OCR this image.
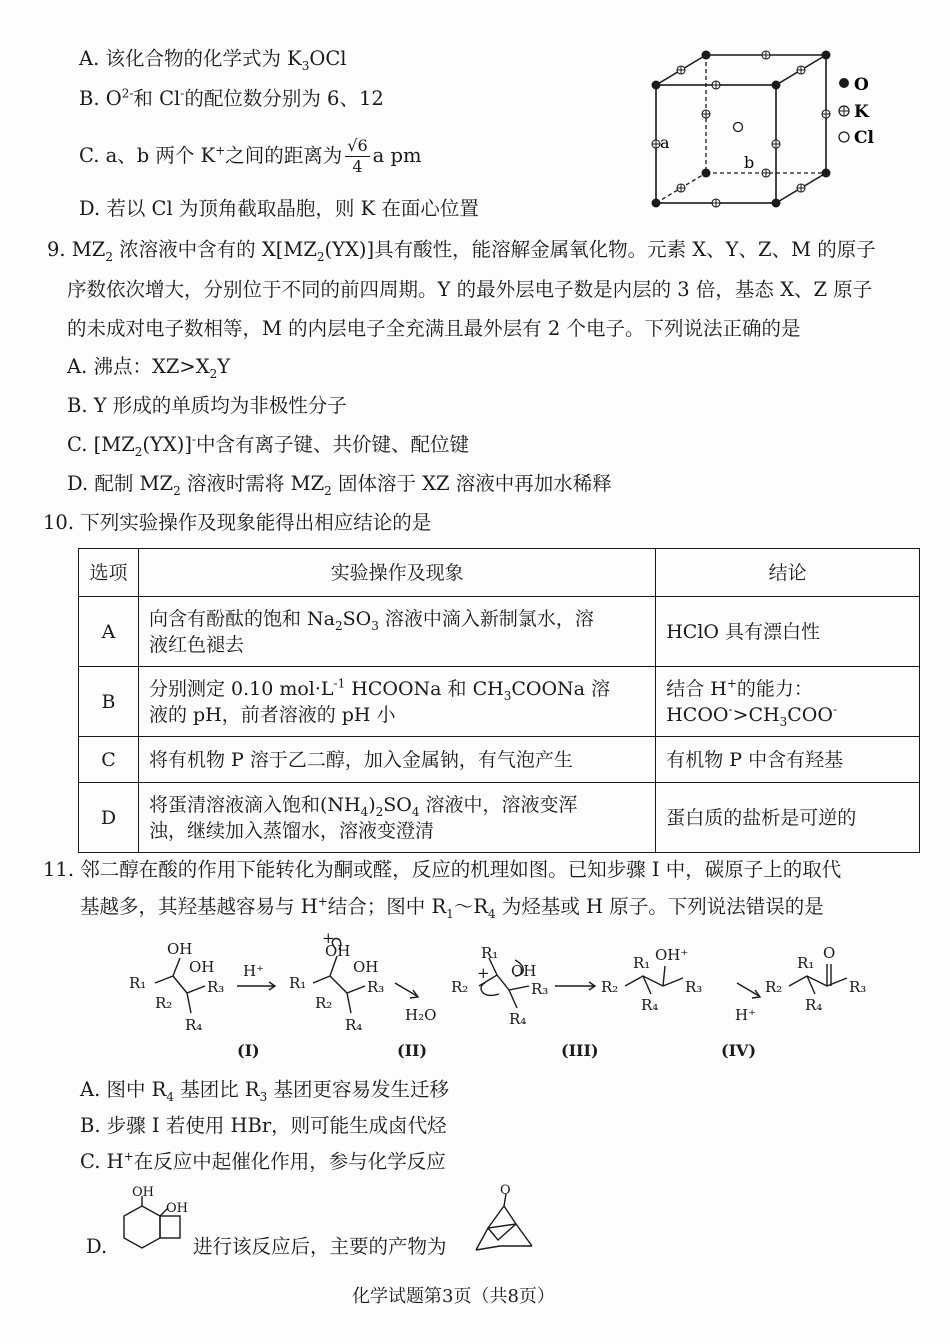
A. 该化合物的化学式为 $K_3OCl$
B. $O^{2-}$和 Cl-的配位数分别为 6、12
C. a、b 两个 K+之间的距离为 $\frac{√6}{4}$ a pm
D. 若以 Cl 为顶角截取晶胞，则 K 在面心位置
a
b
O
K
Cl
9. $MZ_2$ 浓溶液中含有的 $X[MZ_2(YX)]$具有酸性，能溶解金属氧化物。元素 X、Y、Z、M 的原子
序数依次增大，分别位于不同的前四周期。Y 的最外层电子数是内层的 3 倍，基态 X、Z 原子
的未成对电子数相等，M 的内层电子全充满且最外层有 2 个电子。下列说法正确的是
A. 沸点：$XZ>X_2Y$
B. Y 形成的单质均为非极性分子
C. $[MZ_2(YX)]^-$中含有离子键、共价键、配位键
D. 配制 $MZ_2$ 溶液时需将 $MZ_2$ 固体溶于 XZ 溶液中再加水稀释
10. 下列实验操作及现象能得出相应结论的是
选项	实验操作及现象	结论
A	向含有酚酞的饱和 $Na_2SO_3$ 溶液中滴入新制氯水，溶
液红色褪去	HClO 具有漂白性
B	分别测定 0.10 $mol\cdot L^{-1}$ HCOONa 和 $CH_3COONa$ 溶
液的 pH，前者溶液的 pH 小	结合 H+的能力：
$HCOO^->CH_3COO^-$
C	将有机物 P 溶于乙二醇，加入金属钠，有气泡产生	有机物 P 中含有羟基
D	将蛋清溶液滴入饱和$(NH_4)_2SO_4$ 溶液中，溶液变浑
浊，继续加入蒸馏水，溶液变澄清	蛋白质的盐析是可逆的
11. 邻二醇在酸的作用下能转化为酮或醛，反应的机理如图。已知步骤 I 中，碳原子上的取代
基越多，其羟基越容易与 H+结合；图中 $R_1\sim R_4$ 为烃基或 H 原子。下列说法错误的是
OH
OH
R₁
R₂
R₃
R₄
H⁺
+
OH
OH
R₁
R₂
R₃
R₄
H₂O
R₁
+ OH
R₂	R₃
R₄
R₁ OH⁺
R₂	R₃
R₄
H⁺
R₁
O
R₂	R₃
R₄
(I)	(II)	(III)	(IV)
A. 图中 $R_4$ 基团比 $R_3$ 基团更容易发生迁移
B. 步骤 I 若使用 HBr，则可能生成卤代烃
C. H+在反应中起催化作用，参与化学反应
D.
OH
OH
进行该反应后，主要的产物为
O
化学试题第3页（共8页）
